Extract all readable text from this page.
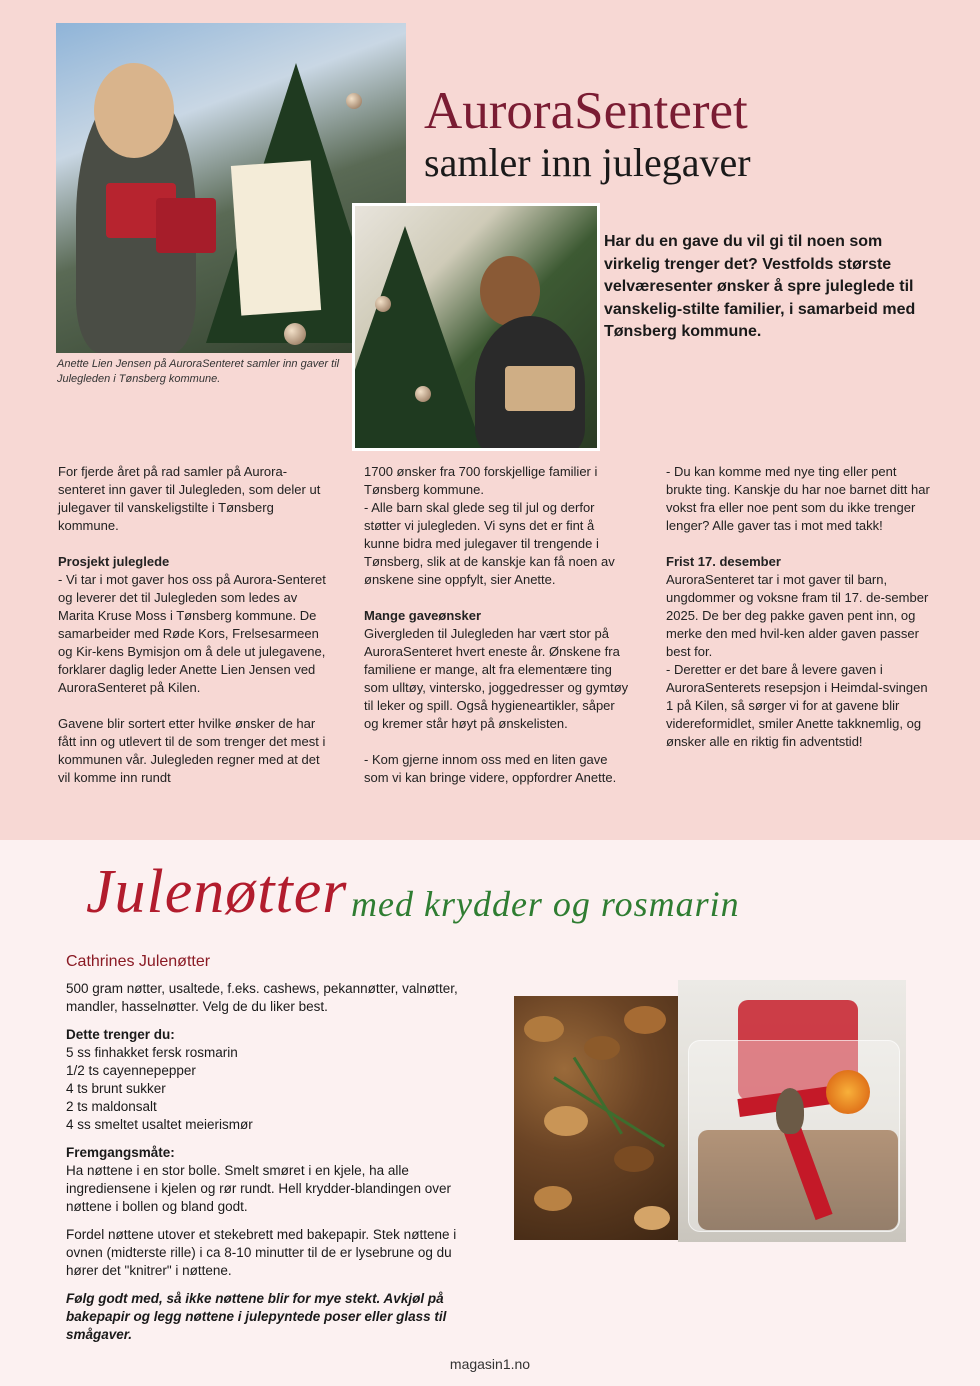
Anette Lien Jensen på AuroraSenteret samler inn gaver til Julegleden i Tønsberg kommune.
AuroraSenteret
samler inn julegaver
Har du en gave du vil gi til noen som virkelig trenger det? Vestfolds største velværesenter ønsker å spre juleglede til vanskelig-stilte familier, i samarbeid med Tønsberg kommune.

For fjerde året på rad samler på Aurora-senteret inn gaver til Julegleden, som deler ut julegaver til vanskeligstilte i Tønsberg kommune.

Prosjekt juleglede
- Vi tar i mot gaver hos oss på Aurora-Senteret og leverer det til Julegleden som ledes av Marita Kruse Moss i Tønsberg kommune. De samarbeider med Røde Kors, Frelsesarmeen og Kir-kens Bymisjon om å dele ut julegavene, forklarer daglig leder Anette Lien Jensen ved AuroraSenteret på Kilen.

Gavene blir sortert etter hvilke ønsker de har fått inn og utlevert til de som trenger det mest i kommunen vår. Julegleden regner med at det vil komme inn rundt

1700 ønsker fra 700 forskjellige familier i Tønsberg kommune.

- Alle barn skal glede seg til jul og derfor støtter vi julegleden. Vi syns det er fint å kunne bidra med julegaver til trengende i Tønsberg, slik at de kanskje kan få noen av ønskene sine oppfylt, sier Anette.

Mange gaveønsker
Givergleden til Julegleden har vært stor på AuroraSenteret hvert eneste år. Ønskene fra familiene er mange, alt fra elementære ting som ulltøy, vintersko, joggedresser og gymtøy til leker og spill. Også hygieneartikler, såper og kremer står høyt på ønskelisten.

- Kom gjerne innom oss med en liten gave som vi kan bringe videre, oppfordrer Anette.

- Du kan komme med nye ting eller pent brukte ting. Kanskje du har noe barnet ditt har vokst fra eller noe pent som du ikke trenger lenger? Alle gaver tas i mot med takk!

Frist 17. desember
AuroraSenteret tar i mot gaver til barn, ungdommer og voksne fram til 17. de-sember 2025. De ber deg pakke gaven pent inn, og merke den med hvil-ken alder gaven passer best for.

- Deretter er det bare å levere gaven i AuroraSenterets resepsjon i Heimdal-svingen 1 på Kilen, så sørger vi for at gavene blir videreformidlet, smiler Anette takknemlig, og ønsker alle en riktig fin adventstid!

Julenøtter med krydder og rosmarin
Cathrines Julenøtter

500 gram nøtter, usaltede, f.eks. cashews, pekannøtter, valnøtter, mandler, hasselnøtter. Velg de du liker best.

Dette trenger du:
5 ss finhakket fersk rosmarin
1/2 ts cayennepepper
4 ts brunt sukker
2 ts maldonsalt
4 ss smeltet usaltet meierismør
Fremgangsmåte:

Ha nøttene i en stor bolle. Smelt smøret i en kjele, ha alle ingrediensene i kjelen og rør rundt. Hell krydder-blandingen over nøttene i bollen og bland godt.

Fordel nøttene utover et stekebrett med bakepapir. Stek nøttene i ovnen (midterste rille) i ca 8-10 minutter til de er lysebrune og du hører det "knitrer" i nøttene.

Følg godt med, så ikke nøttene blir for mye stekt. Avkjøl på bakepapir og legg nøttene i julepyntede poser eller glass til smågaver.

magasin1.no
